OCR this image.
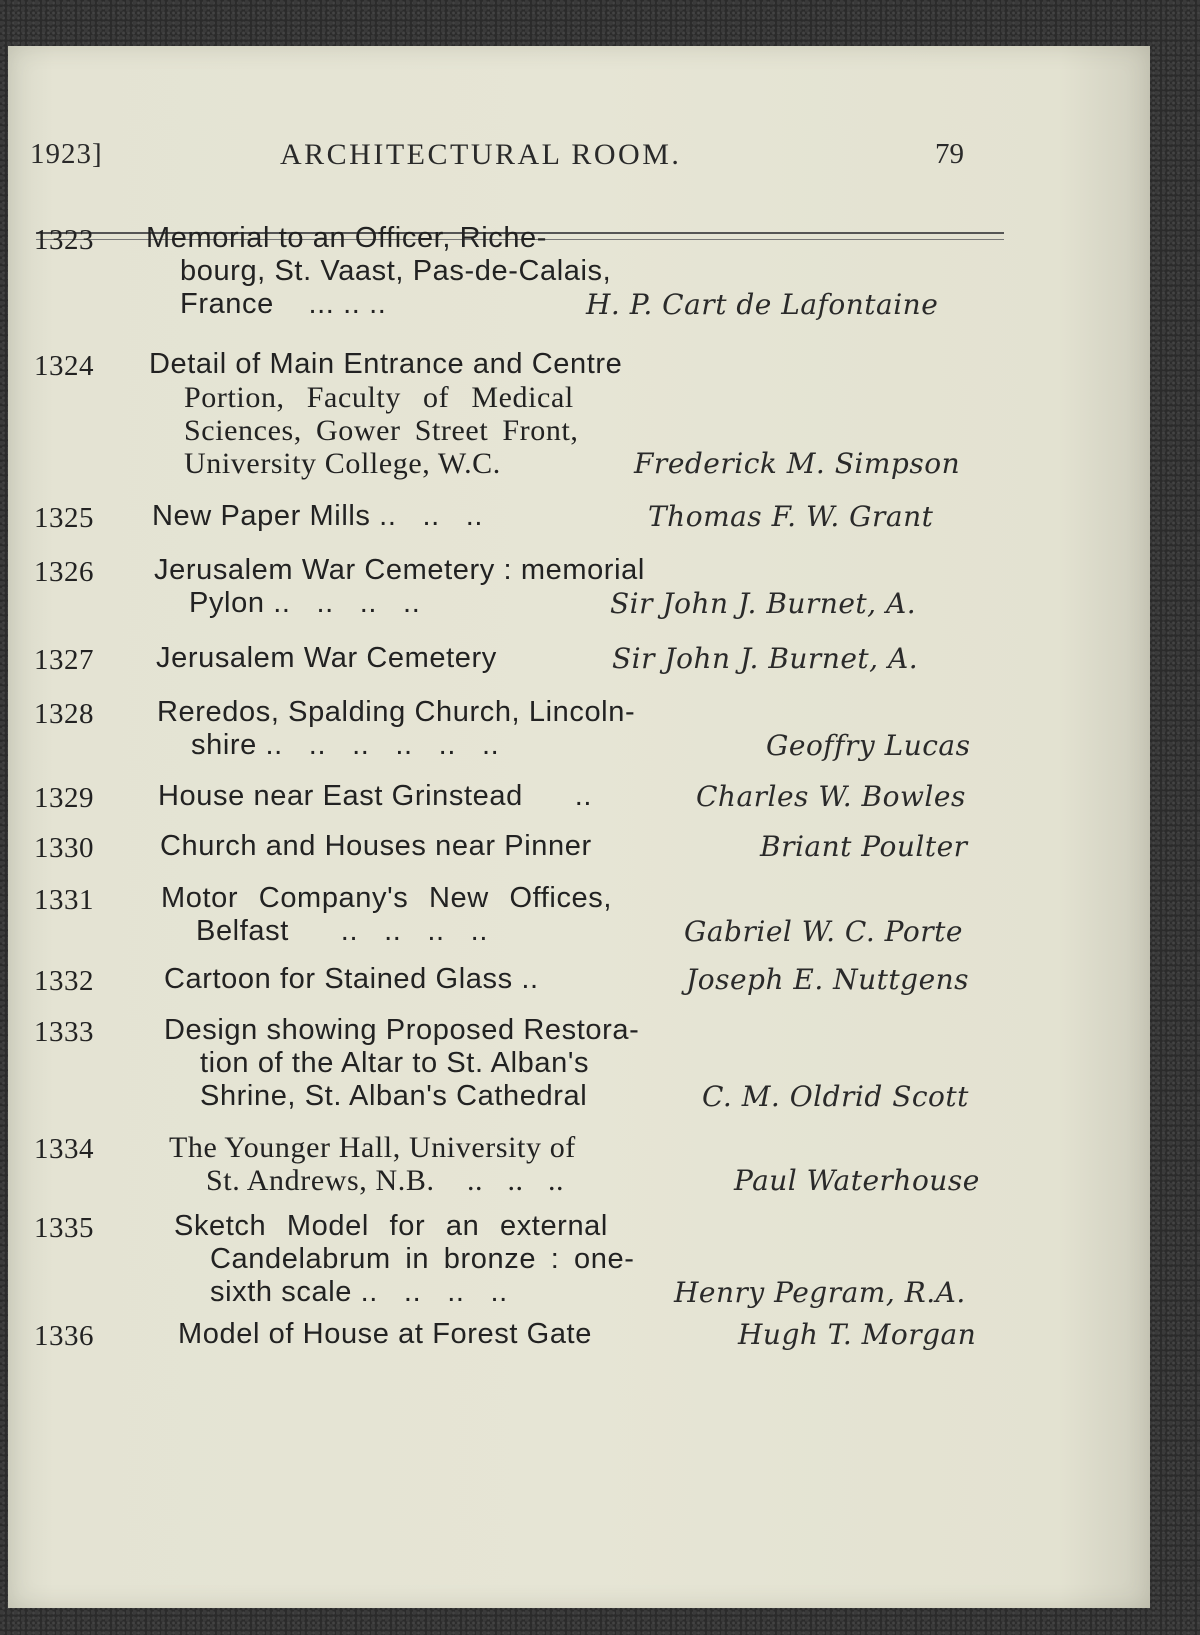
1923]	ARCHITECTURAL ROOM.	79
1323 Memorial to an Officer, Riche-
bourg, St. Vaast, Pas-de-Calais,
France    ... .. ..	H. P. Cart de Lafontaine
1324 Detail of Main Entrance and Centre
Portion, Faculty of Medical
Sciences, Gower Street Front,
University College, W.C.	Frederick M. Simpson
1325 New Paper Mills ..   ..   ..	Thomas F. W. Grant
1326 Jerusalem War Cemetery : memorial
Pylon ..   ..   ..   ..	Sir John J. Burnet, A.
1327 Jerusalem War Cemetery	Sir John J. Burnet, A.
1328 Reredos, Spalding Church, Lincoln-
shire ..   ..   ..   ..   ..   ..	Geoffry Lucas
1329 House near East Grinstead      ..	Charles W. Bowles
1330 Church and Houses near Pinner	Briant Poulter
1331 Motor Company's New Offices,
Belfast      ..   ..   ..   ..	Gabriel W. C. Porte
1332 Cartoon for Stained Glass ..	Joseph E. Nuttgens
1333 Design showing Proposed Restora-
tion of the Altar to St. Alban's
Shrine, St. Alban's Cathedral	C. M. Oldrid Scott
1334	The Younger Hall, University of
St. Andrews, N.B.    ..   ..   ..	Paul Waterhouse
1335	Sketch Model for an external
Candelabrum in bronze : one-
sixth scale ..   ..   ..   ..	Henry Pegram, R.A.
1336	Model of House at Forest Gate	Hugh T. Morgan
